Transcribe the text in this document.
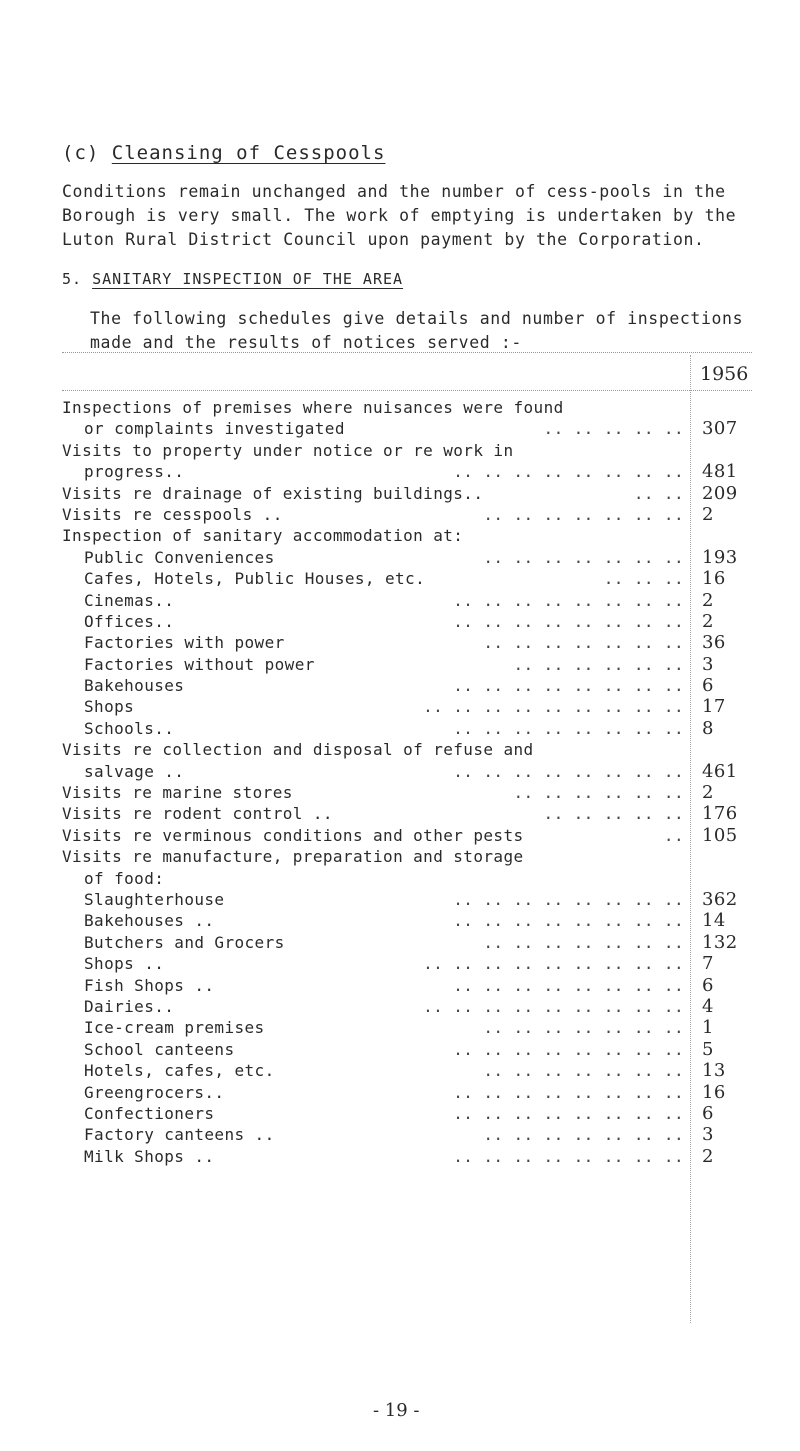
(c) Cleansing of Cesspools

Conditions remain unchanged and the number of cess-pools in the Borough is very small. The work of emptying is undertaken by the Luton Rural District Council upon payment by the Corporation.

5. SANITARY INSPECTION OF THE AREA

The following schedules give details and number of inspections made and the results of notices served :-

1956
Inspections of premises where nuisances were found
or complaints investigated	.. .. .. .. .. 307
Visits to property under notice or re work in
progress..	.. .. .. .. .. .. .. .. 481
Visits re drainage of existing buildings..	.. .. 209
Visits re cesspools ..	.. .. .. .. .. .. .. 2
Inspection of sanitary accommodation at:
Public Conveniences	.. .. .. .. .. .. .. 193
Cafes, Hotels, Public Houses, etc.	.. .. .. 16
Cinemas..	.. .. .. .. .. .. .. .. 2
Offices..	.. .. .. .. .. .. .. .. 2
Factories with power	.. .. .. .. .. .. .. 36
Factories without power	.. .. .. .. .. .. 3
Bakehouses	.. .. .. .. .. .. .. .. 6
Shops	.. .. .. .. .. .. .. .. .. 17
Schools..	.. .. .. .. .. .. .. .. 8
Visits re collection and disposal of refuse and
salvage ..	.. .. .. .. .. .. .. .. 461
Visits re marine stores	.. .. .. .. .. .. 2
Visits re rodent control ..	.. .. .. .. .. 176
Visits re verminous conditions and other pests	.. 105
Visits re manufacture, preparation and storage
of food:
Slaughterhouse	.. .. .. .. .. .. .. .. 362
Bakehouses ..	.. .. .. .. .. .. .. .. 14
Butchers and Grocers	.. .. .. .. .. .. .. 132
Shops ..	.. .. .. .. .. .. .. .. .. 7
Fish Shops ..	.. .. .. .. .. .. .. .. 6
Dairies..	.. .. .. .. .. .. .. .. .. 4
Ice-cream premises	.. .. .. .. .. .. .. 1
School canteens	.. .. .. .. .. .. .. .. 5
Hotels, cafes, etc.	.. .. .. .. .. .. .. 13
Greengrocers..	.. .. .. .. .. .. .. .. 16
Confectioners	.. .. .. .. .. .. .. .. 6
Factory canteens ..	.. .. .. .. .. .. .. 3
Milk Shops ..	.. .. .. .. .. .. .. .. 2
- 19 -
